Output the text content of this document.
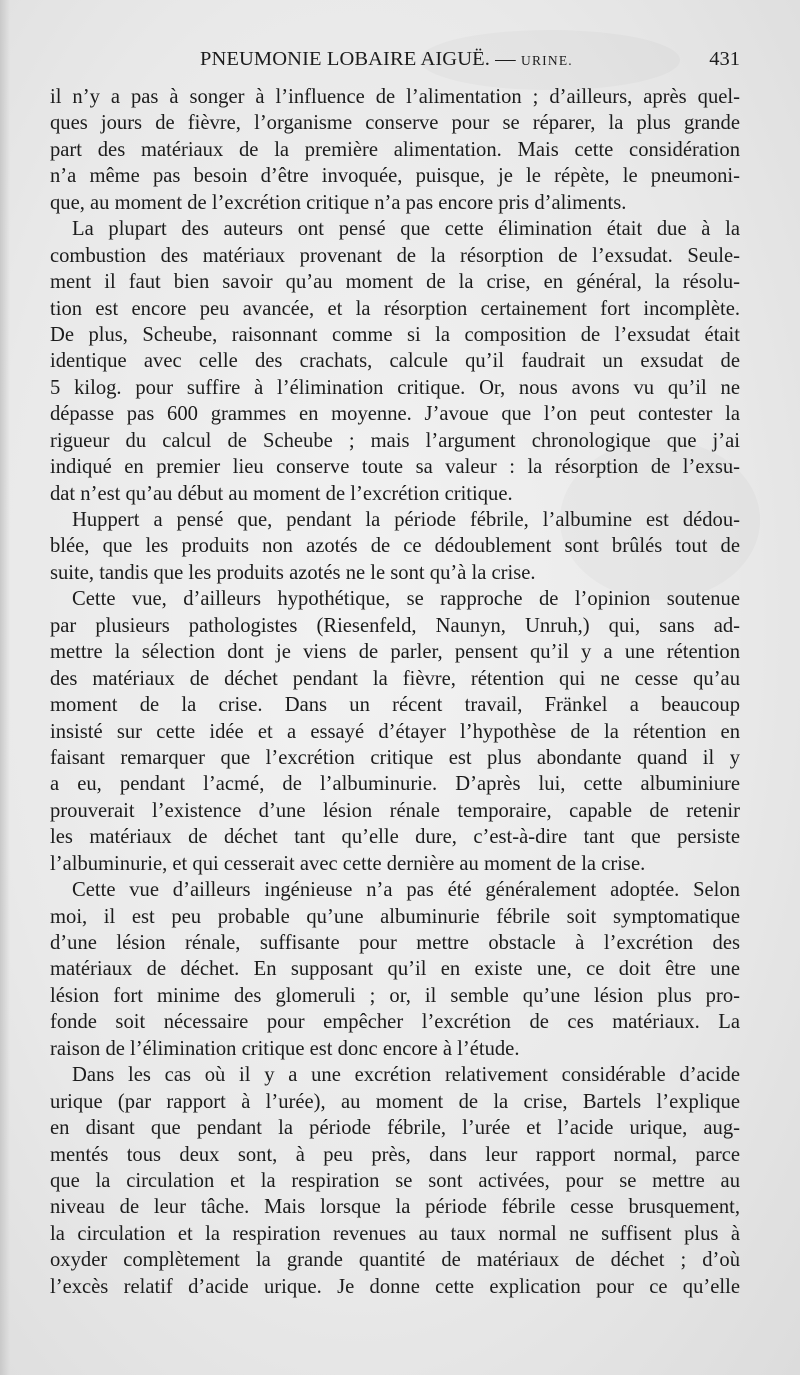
PNEUMONIE LOBAIRE AIGUË. — URINE.	431
il n’y a pas à songer à l’influence de l’alimentation ; d’ailleurs, après quel-
ques jours de fièvre, l’organisme conserve pour se réparer, la plus grande
part des matériaux de la première alimentation. Mais cette considération
n’a même pas besoin d’être invoquée, puisque, je le répète, le pneumoni-
que, au moment de l’excrétion critique n’a pas encore pris d’aliments.
La plupart des auteurs ont pensé que cette élimination était due à la
combustion des matériaux provenant de la résorption de l’exsudat. Seule-
ment il faut bien savoir qu’au moment de la crise, en général, la résolu-
tion est encore peu avancée, et la résorption certainement fort incomplète.
De plus, Scheube, raisonnant comme si la composition de l’exsudat était
identique avec celle des crachats, calcule qu’il faudrait un exsudat de
5 kilog. pour suffire à l’élimination critique. Or, nous avons vu qu’il ne
dépasse pas 600 grammes en moyenne. J’avoue que l’on peut contester la
rigueur du calcul de Scheube ; mais l’argument chronologique que j’ai
indiqué en premier lieu conserve toute sa valeur : la résorption de l’exsu-
dat n’est qu’au début au moment de l’excrétion critique.
Huppert a pensé que, pendant la période fébrile, l’albumine est dédou-
blée, que les produits non azotés de ce dédoublement sont brûlés tout de
suite, tandis que les produits azotés ne le sont qu’à la crise.
Cette vue, d’ailleurs hypothétique, se rapproche de l’opinion soutenue
par plusieurs pathologistes (Riesenfeld, Naunyn, Unruh,) qui, sans ad-
mettre la sélection dont je viens de parler, pensent qu’il y a une rétention
des matériaux de déchet pendant la fièvre, rétention qui ne cesse qu’au
moment de la crise. Dans un récent travail, Fränkel a beaucoup
insisté sur cette idée et a essayé d’étayer l’hypothèse de la rétention en
faisant remarquer que l’excrétion critique est plus abondante quand il y
a eu, pendant l’acmé, de l’albuminurie. D’après lui, cette albuminiure
prouverait l’existence d’une lésion rénale temporaire, capable de retenir
les matériaux de déchet tant qu’elle dure, c’est-à-dire tant que persiste
l’albuminurie, et qui cesserait avec cette dernière au moment de la crise.
Cette vue d’ailleurs ingénieuse n’a pas été généralement adoptée. Selon
moi, il est peu probable qu’une albuminurie fébrile soit symptomatique
d’une lésion rénale, suffisante pour mettre obstacle à l’excrétion des
matériaux de déchet. En supposant qu’il en existe une, ce doit être une
lésion fort minime des glomeruli ; or, il semble qu’une lésion plus pro-
fonde soit nécessaire pour empêcher l’excrétion de ces matériaux. La
raison de l’élimination critique est donc encore à l’étude.
Dans les cas où il y a une excrétion relativement considérable d’acide
urique (par rapport à l’urée), au moment de la crise, Bartels l’explique
en disant que pendant la période fébrile, l’urée et l’acide urique, aug-
mentés tous deux sont, à peu près, dans leur rapport normal, parce
que la circulation et la respiration se sont activées, pour se mettre au
niveau de leur tâche. Mais lorsque la période fébrile cesse brusquement,
la circulation et la respiration revenues au taux normal ne suffisent plus à
oxyder complètement la grande quantité de matériaux de déchet ; d’où
l’excès relatif d’acide urique. Je donne cette explication pour ce qu’elle
